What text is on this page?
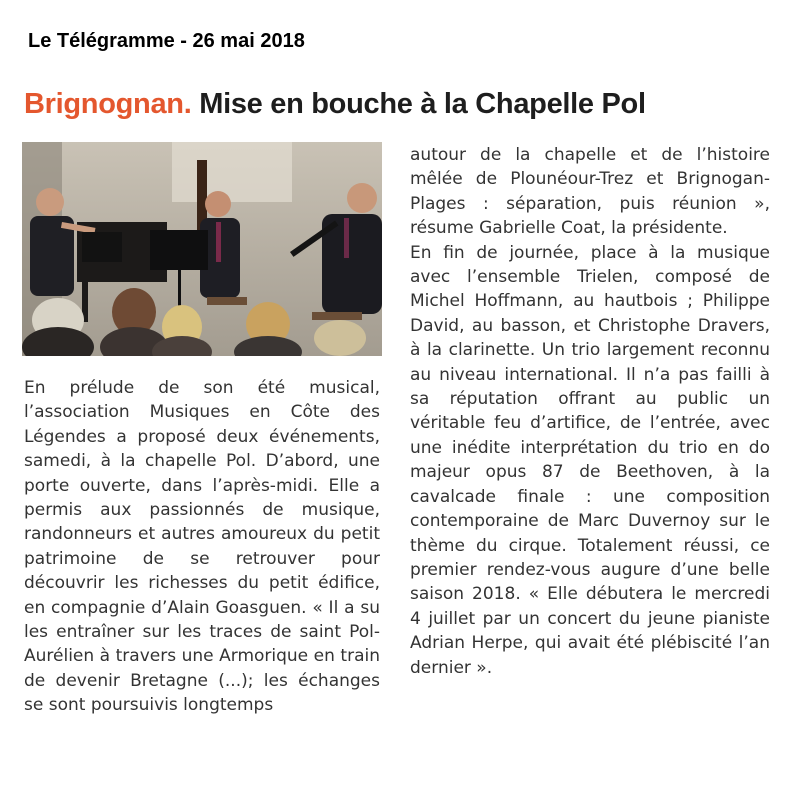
Le Télégramme - 26 mai 2018
Brignognan. Mise en bouche à la Chapelle Pol

En prélude de son été musical, l’association Musiques en Côte des Légendes a proposé deux événements, samedi, à la chapelle Pol. D’abord, une porte ouverte, dans l’après-midi. Elle a permis aux passionnés de musique, randonneurs et autres amoureux du petit patrimoine de se retrouver pour découvrir les richesses du petit édifice, en compagnie d’Alain Goasguen. « Il a su les entraîner sur les traces de saint Pol-Aurélien à travers une Armorique en train de devenir Bretagne (...); les échanges se sont poursuivis longtemps

autour de la chapelle et de l’histoire mêlée de Plounéour-Trez et Brignogan-Plages : séparation, puis réunion », résume Gabrielle Coat, la présidente.

En fin de journée, place à la musique avec l’ensemble Trielen, composé de Michel Hoffmann, au hautbois ; Philippe David, au basson, et Christophe Dravers, à la clarinette. Un trio largement reconnu au niveau international. Il n’a pas failli à sa réputation offrant au public un véritable feu d’artifice, de l’entrée, avec une inédite interprétation du trio en do majeur opus 87 de Beethoven, à la cavalcade finale : une composition contemporaine de Marc Duvernoy sur le thème du cirque. Totalement réussi, ce premier rendez-vous augure d’une belle saison 2018. « Elle débutera le mercredi 4 juillet par un concert du jeune pianiste Adrian Herpe, qui avait été plébiscité l’an dernier ».
